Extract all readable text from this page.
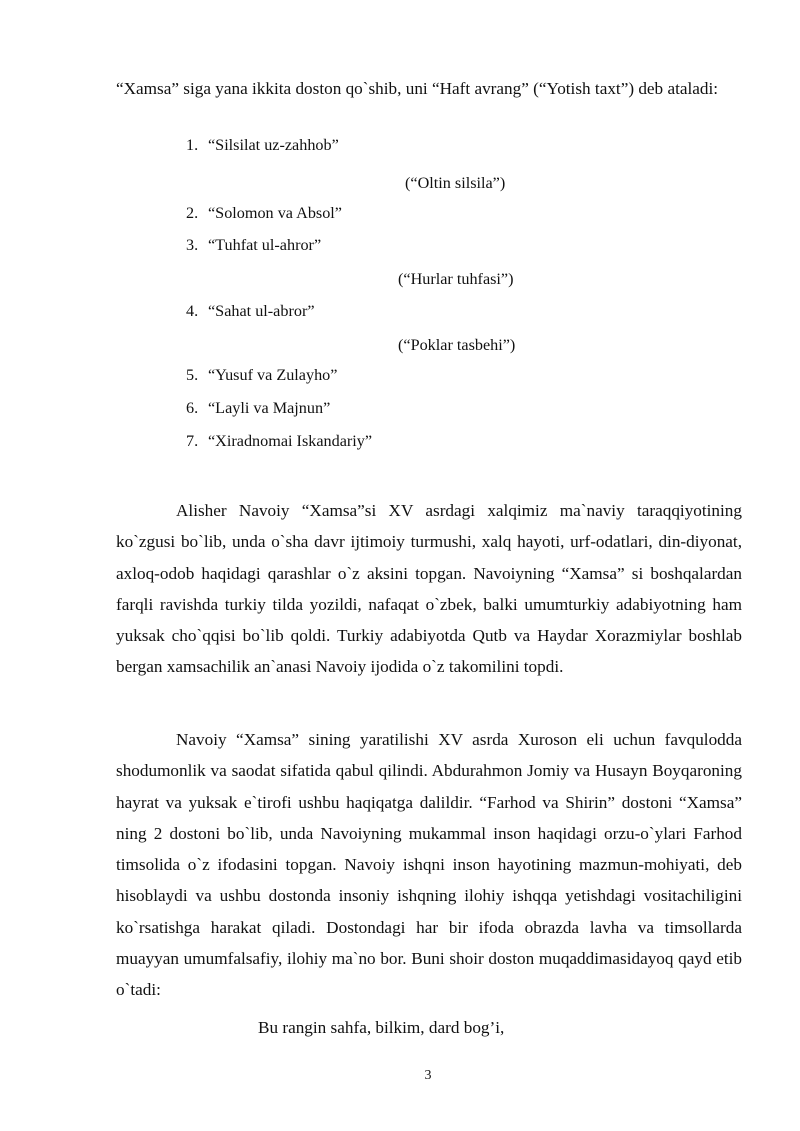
“Xamsa” siga yana ikkita doston qo`shib, uni “Haft avrang” (“Yotish taxt”) deb ataladi:

1. “Silsilat uz-zahhob”
2. “Solomon va Absol”
3. “Tuhfat ul-ahror”
4. “Sahat ul-abror”
5. “Yusuf va Zulayho”
6. “Layli va Majnun”
7. “Xiradnomai Iskandariy”
(“Oltin silsila”)
(“Hurlar tuhfasi”)
(“Poklar tasbehi”)

Alisher Navoiy “Xamsa”si XV asrdagi xalqimiz ma`naviy taraqqiyotining ko`zgusi bo`lib, unda o`sha davr ijtimoiy turmushi, xalq hayoti, urf-odatlari, din-diyonat, axloq-odob haqidagi qarashlar o`z aksini topgan. Navoiyning “Xamsa” si boshqalardan farqli ravishda turkiy tilda yozildi, nafaqat o`zbek, balki umumturkiy adabiyotning ham yuksak cho`qqisi bo`lib qoldi. Turkiy adabiyotda Qutb va Haydar Xorazmiylar boshlab bergan xamsachilik an`anasi Navoiy ijodida o`z takomilini topdi.

Navoiy “Xamsa” sining yaratilishi XV asrda Xuroson eli uchun favqulodda shodumonlik va saodat sifatida qabul qilindi. Abdurahmon Jomiy va Husayn Boyqaroning hayrat va yuksak e`tirofi ushbu haqiqatga dalildir. “Farhod va Shirin” dostoni “Xamsa” ning 2 dostoni bo`lib, unda Navoiyning mukammal inson haqidagi orzu-o`ylari Farhod timsolida o`z ifodasini topgan. Navoiy ishqni inson hayotining mazmun-mohiyati, deb hisoblaydi va ushbu dostonda insoniy ishqning ilohiy ishqqa yetishdagi vositachiligini ko`rsatishga harakat qiladi. Dostondagi har bir ifoda obrazda lavha va timsollarda muayyan umumfalsafiy, ilohiy ma`no bor. Buni shoir doston muqaddimasidayoq qayd etib o`tadi:

Bu rangin sahfa, bilkim, dard bog’i,
3
